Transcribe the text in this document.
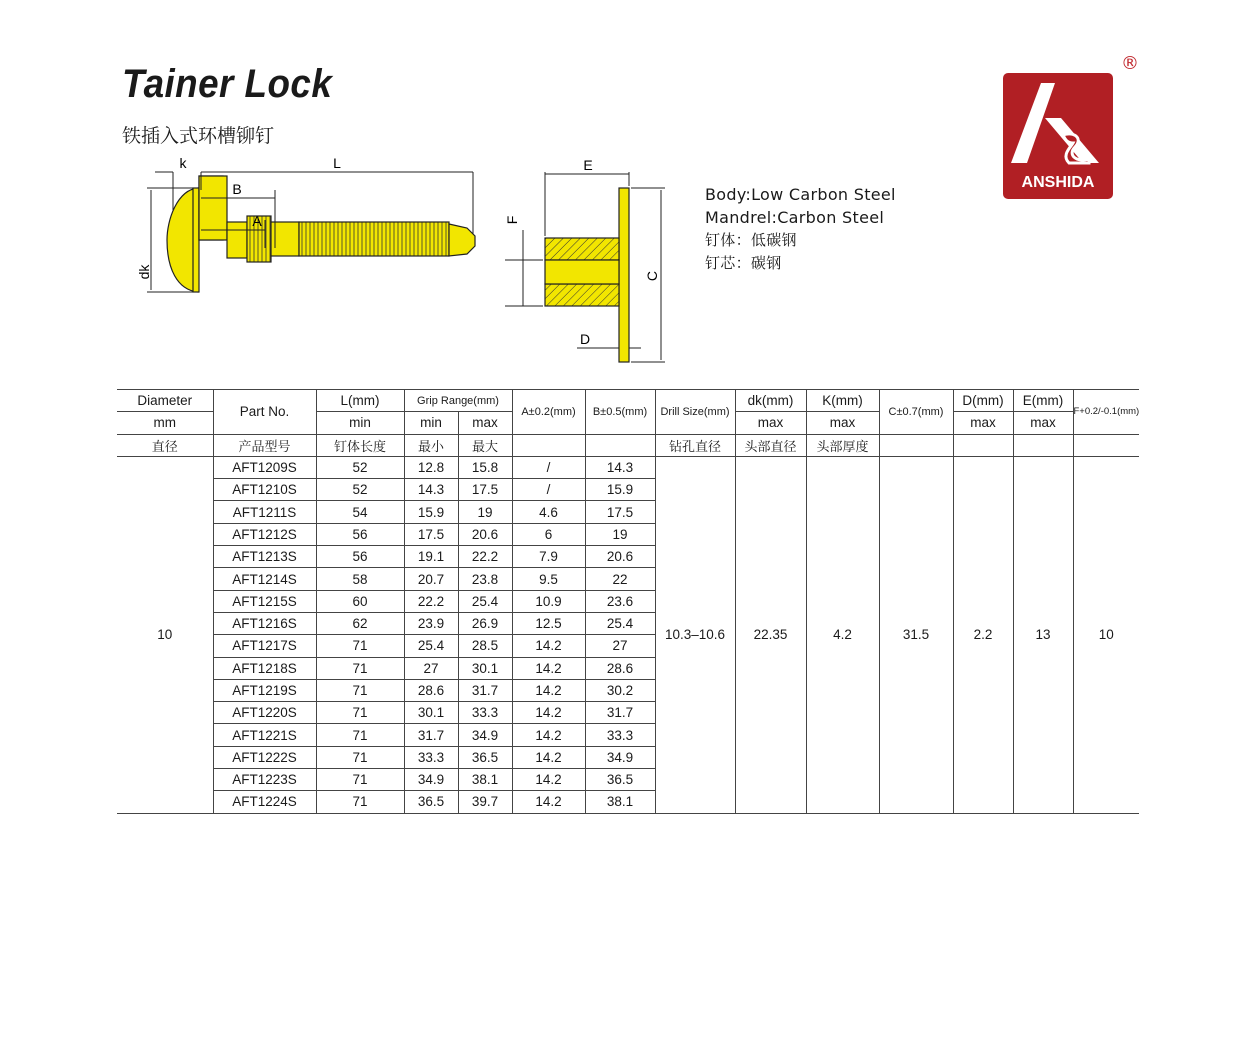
Tainer Lock
铁插入式环槽铆钉
®
ANSHIDA
Body:Low Carbon Steel
Mandrel:Carbon Steel
钉体：低碳钢
钉芯：碳钢
k	L
B
A
dk
E
F
C
D
Diameter	Part No.	L(mm)	Grip Range(mm)		A±0.2(mm)	B±0.5(mm)	Drill Size(mm)	dk(mm)	K(mm)	C±0.7(mm)	D(mm)	E(mm)	F+0.2/-0.1(mm)
mm		min	min	max				max	max		max	max	
直径	产品型号	钉体长度	最小	最大			钻孔直径	头部直径	头部厚度				
10	AFT1209S	52	12.8	15.8	/	14.3	10.3–10.6	22.35	4.2	31.5	2.2	13	10
	AFT1210S	52	14.3	17.5	/	15.9							
	AFT1211S	54	15.9	19	4.6	17.5							
	AFT1212S	56	17.5	20.6	6	19							
	AFT1213S	56	19.1	22.2	7.9	20.6							
	AFT1214S	58	20.7	23.8	9.5	22							
	AFT1215S	60	22.2	25.4	10.9	23.6							
	AFT1216S	62	23.9	26.9	12.5	25.4							
	AFT1217S	71	25.4	28.5	14.2	27							
	AFT1218S	71	27	30.1	14.2	28.6							
	AFT1219S	71	28.6	31.7	14.2	30.2							
	AFT1220S	71	30.1	33.3	14.2	31.7							
	AFT1221S	71	31.7	34.9	14.2	33.3							
	AFT1222S	71	33.3	36.5	14.2	34.9							
	AFT1223S	71	34.9	38.1	14.2	36.5							
	AFT1224S	71	36.5	39.7	14.2	38.1							
